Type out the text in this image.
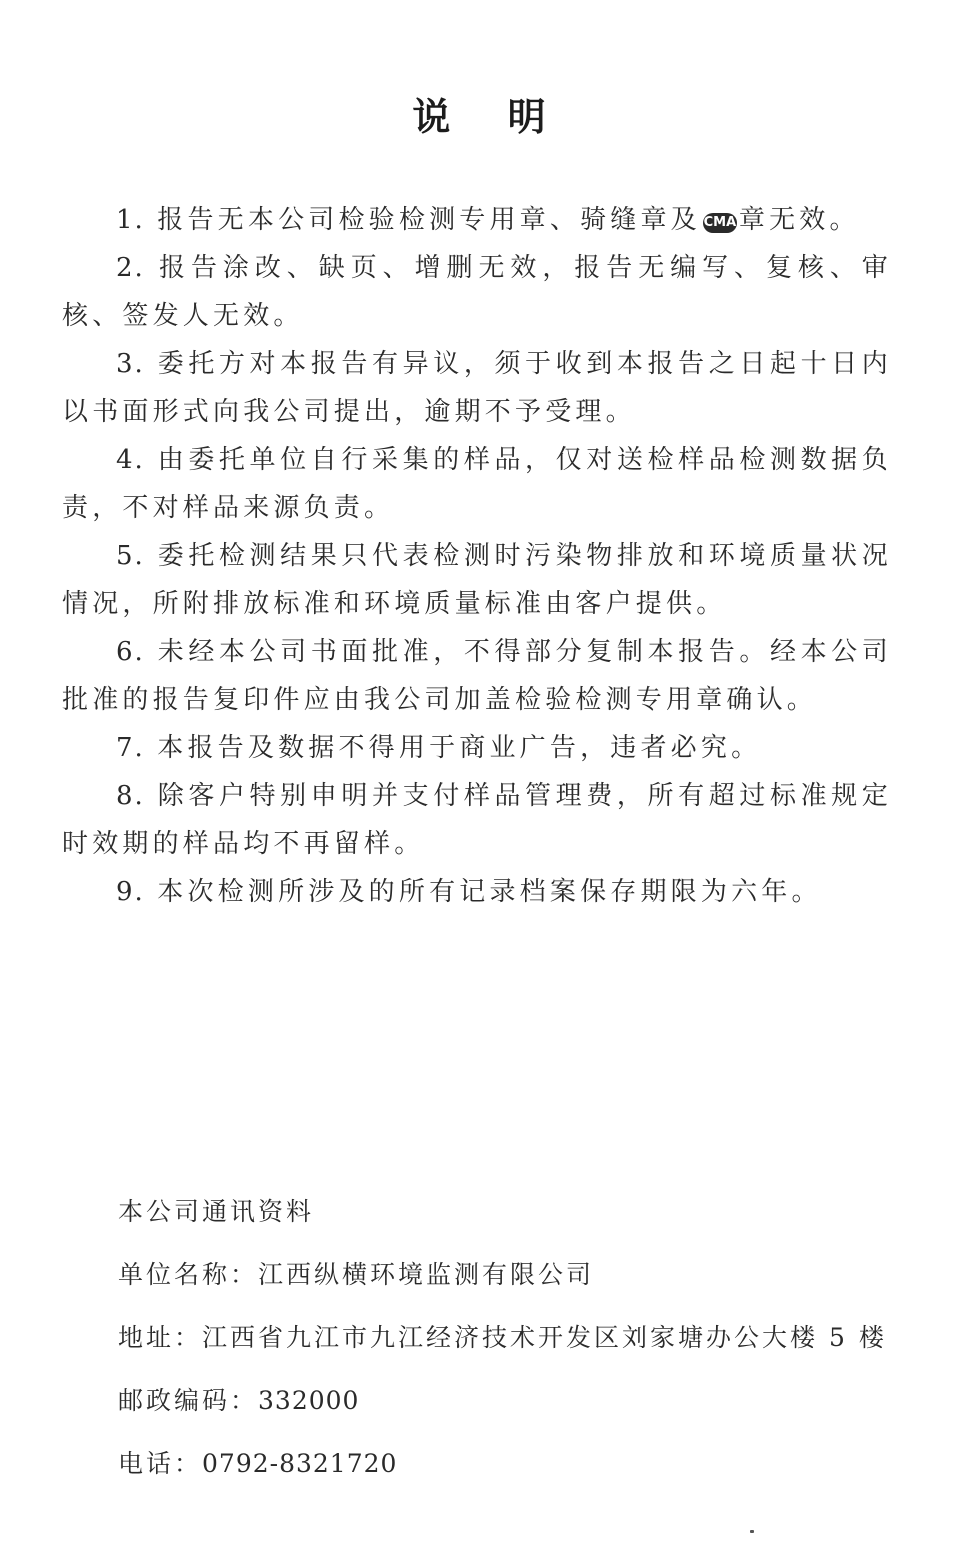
说 明

1. 报告无本公司检验检测专用章、骑缝章及 CMA 章无效。

2. 报告涂改、缺页、增删无效，报告无编写、复核、审核、签发人无效。

3. 委托方对本报告有异议，须于收到本报告之日起十日内以书面形式向我公司提出，逾期不予受理。

4. 由委托单位自行采集的样品，仅对送检样品检测数据负责，不对样品来源负责。

5. 委托检测结果只代表检测时污染物排放和环境质量状况情况，所附排放标准和环境质量标准由客户提供。

6. 未经本公司书面批准，不得部分复制本报告。经本公司批准的报告复印件应由我公司加盖检验检测专用章确认。

7. 本报告及数据不得用于商业广告，违者必究。

8. 除客户特别申明并支付样品管理费，所有超过标准规定时效期的样品均不再留样。

9. 本次检测所涉及的所有记录档案保存期限为六年。

本公司通讯资料

单位名称：江西纵横环境监测有限公司

地址：江西省九江市九江经济技术开发区刘家塘办公大楼 5 楼

邮政编码：332000

电话：0792-8321720
